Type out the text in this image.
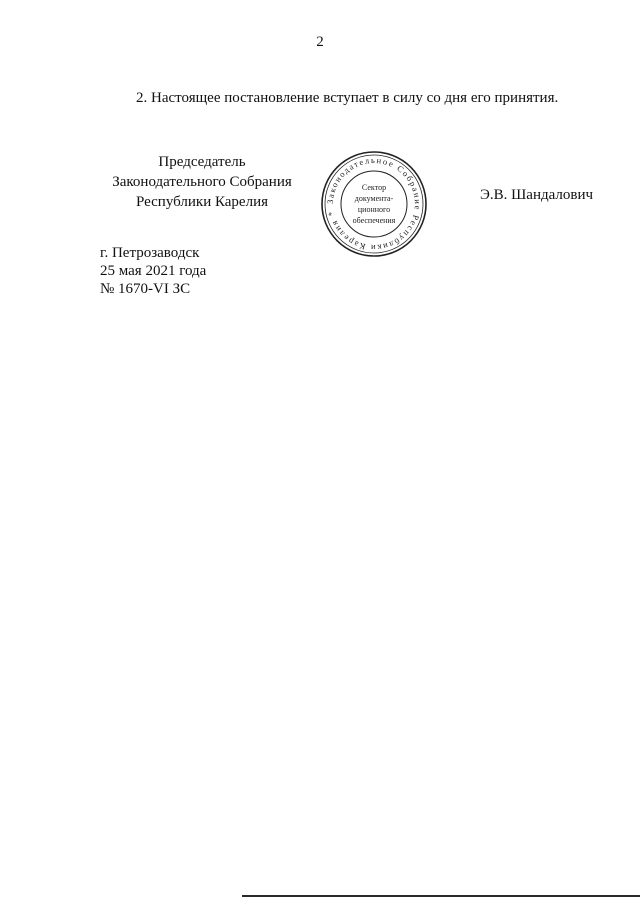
2
2. Настоящее постановление вступает в силу со дня его принятия.
Председатель
Законодательного Собрания
Республики Карелия	Законодательное Собрание Республики Карелия *
Сектор
документа-
ционного
обеспечения
Э.В. Шандалович
г. Петрозаводск
25 мая 2021 года
№ 1670-VI ЗС
